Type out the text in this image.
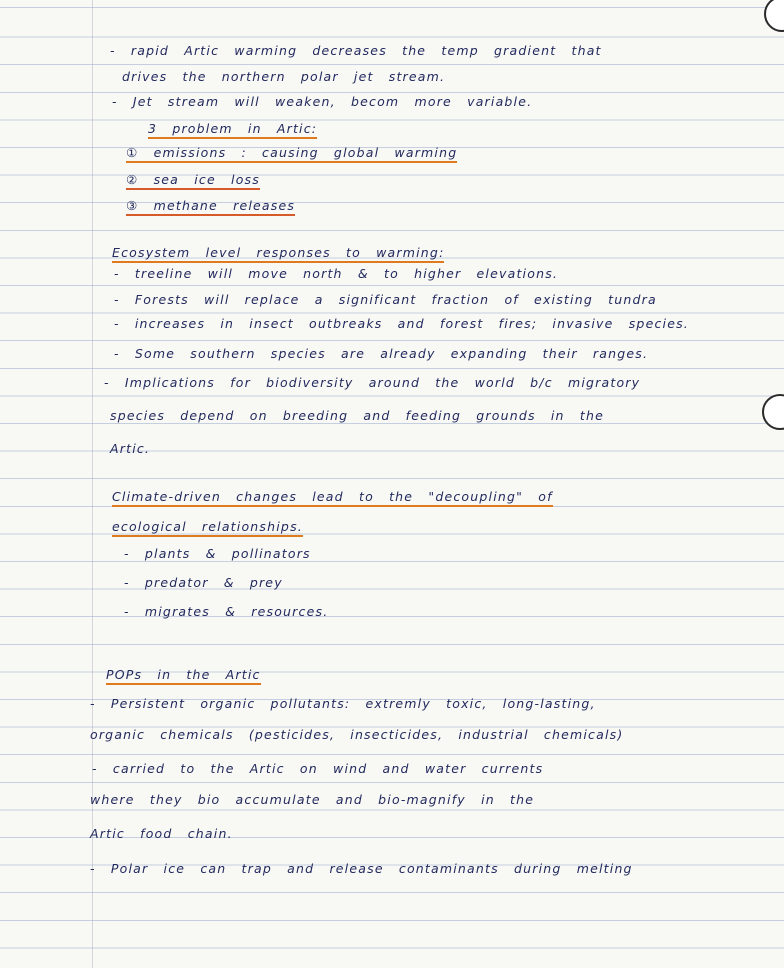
- rapid Artic warming decreases the temp gradient that
drives the northern polar jet stream.
- Jet stream will weaken, becom more variable.
3 problem in Artic:
① emissions : causing global warming
② sea ice loss
③ methane releases
Ecosystem level responses to warming:
- treeline will move north & to higher elevations.
- Forests will replace a significant fraction of existing tundra
- increases in insect outbreaks and forest fires; invasive species.
- Some southern species are already expanding their ranges.
- Implications for biodiversity around the world b/c migratory
species depend on breeding and feeding grounds in the
Artic.
Climate-driven changes lead to the "decoupling" of
ecological relationships.
- plants & pollinators
- predator & prey
- migrates & resources.
POPs in the Artic
- Persistent organic pollutants: extremly toxic, long-lasting,
organic chemicals (pesticides, insecticides, industrial chemicals)
- carried to the Artic on wind and water currents
where they bio accumulate and bio-magnify in the
Artic food chain.
- Polar ice can trap and release contaminants during melting
